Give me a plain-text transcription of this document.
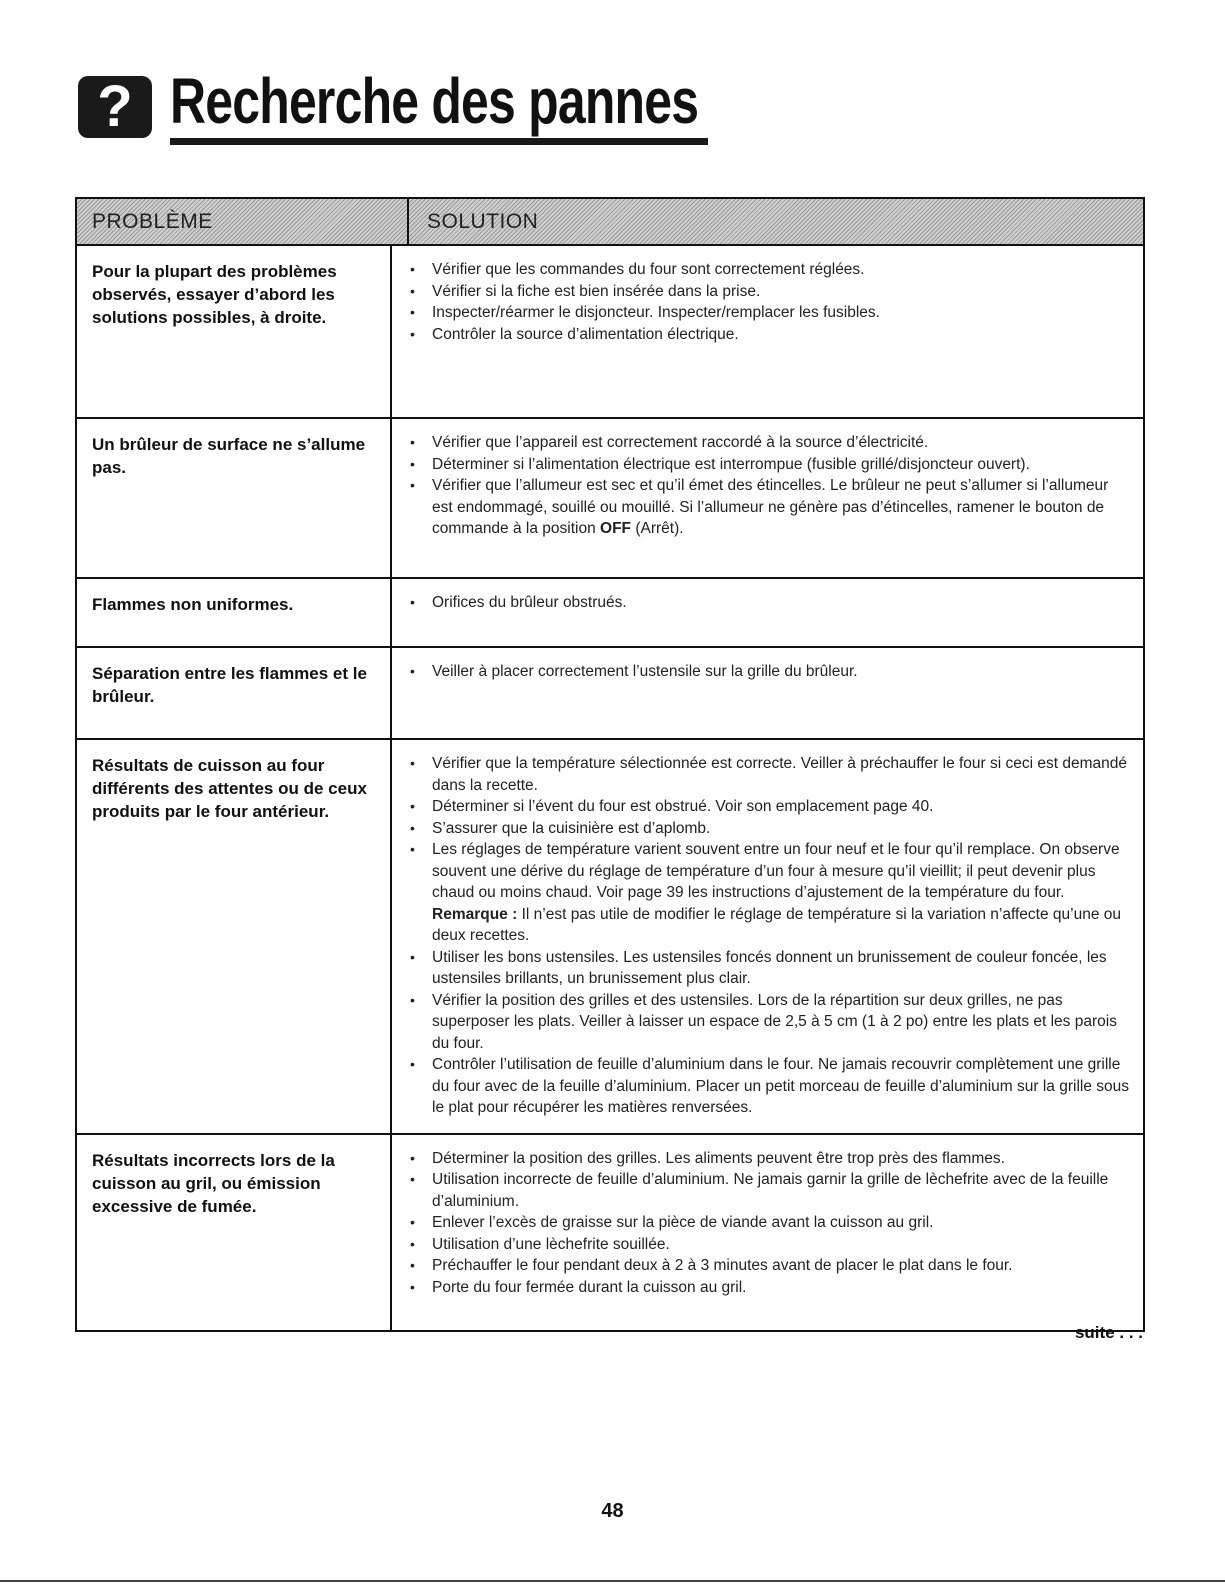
? Recherche des pannes
PROBLÈME	SOLUTION
Pour la plupart des problèmes observés, essayer d’abord les solutions possibles, à droite.
• Vérifier que les commandes du four sont correctement réglées.
• Vérifier si la fiche est bien insérée dans la prise.
• Inspecter/réarmer le disjoncteur. Inspecter/remplacer les fusibles.
• Contrôler la source d’alimentation électrique.
Un brûleur de surface ne s’allume pas.
• Vérifier que l’appareil est correctement raccordé à la source d’électricité.
• Déterminer si l’alimentation électrique est interrompue (fusible grillé/disjoncteur ouvert).
• Vérifier que l’allumeur est sec et qu’il émet des étincelles. Le brûleur ne peut s’allumer si l’allumeur est endommagé, souillé ou mouillé. Si l’allumeur ne génère pas d’étincelles, ramener le bouton de commande à la position OFF (Arrêt).
Flammes non uniformes.
•	Orifices du brûleur obstrués.
Séparation entre les flammes et le brûleur.
• Veiller à placer correctement l’ustensile sur la grille du brûleur.
Résultats de cuisson au four différents des attentes ou de ceux produits par le four antérieur.
• Vérifier que la température sélectionnée est correcte. Veiller à préchauffer le four si ceci est demandé dans la recette.
• Déterminer si l’évent du four est obstrué. Voir son emplacement page 40.
• S’assurer que la cuisinière est d’aplomb.
• Les réglages de température varient souvent entre un four neuf et le four qu’il remplace. On observe souvent une dérive du réglage de température d’un four à mesure qu’il vieillit; il peut devenir plus chaud ou moins chaud. Voir page 39 les instructions d’ajustement de la température du four. Remarque : Il n’est pas utile de modifier le réglage de température si la variation n’affecte qu’une ou deux recettes.
• Utiliser les bons ustensiles. Les ustensiles foncés donnent un brunissement de couleur foncée, les ustensiles brillants, un brunissement plus clair.
• Vérifier la position des grilles et des ustensiles. Lors de la répartition sur deux grilles, ne pas superposer les plats. Veiller à laisser un espace de 2,5 à 5 cm (1 à 2 po) entre les plats et les parois du four.
• Contrôler l’utilisation de feuille d’aluminium dans le four. Ne jamais recouvrir complètement une grille du four avec de la feuille d’aluminium. Placer un petit morceau de feuille d’aluminium sur la grille sous le plat pour récupérer les matières renversées.
Résultats incorrects lors de la cuisson au gril, ou émission excessive de fumée.
• Déterminer la position des grilles. Les aliments peuvent être trop près des flammes.
• Utilisation incorrecte de feuille d’aluminium. Ne jamais garnir la grille de lèchefrite avec de la feuille d’aluminium.
• Enlever l’excès de graisse sur la pièce de viande avant la cuisson au gril.
• Utilisation d’une lèchefrite souillée.
• Préchauffer le four pendant deux à 2 à 3 minutes avant de placer le plat dans le four.
• Porte du four fermée durant la cuisson au gril.
suite . . .
48
